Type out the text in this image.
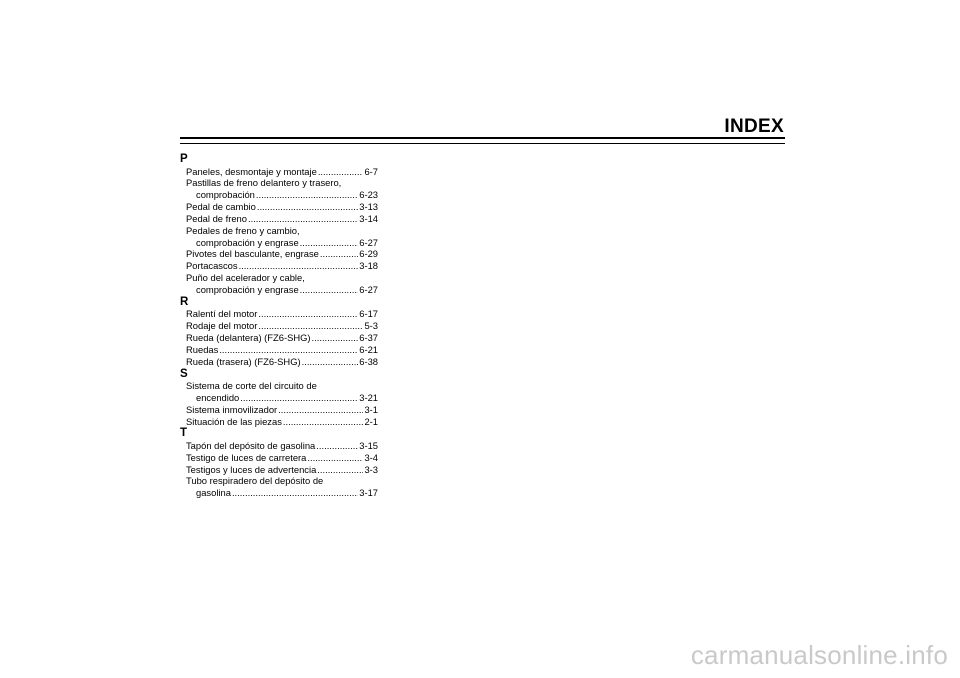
INDEX
P
Paneles, desmontaje y montaje .....	6-7
Pastillas de freno delantero y trasero,
comprobación .....	6-23
Pedal de cambio .....	3-13
Pedal de freno .....	3-14
Pedales de freno y cambio,
comprobación y engrase .....	6-27
Pivotes del basculante, engrase .....	6-29
Portacascos .....	3-18
Puño del acelerador y cable,
comprobación y engrase .....	6-27
R
Ralentí del motor .....	6-17
Rodaje del motor .....	5-3
Rueda (delantera) (FZ6-SHG) .....	6-37
Ruedas .....	6-21
Rueda (trasera) (FZ6-SHG) .....	6-38
S
Sistema de corte del circuito de
encendido .....	3-21
Sistema inmovilizador .....	3-1
Situación de las piezas .....	2-1
T
Tapón del depósito de gasolina .....	3-15
Testigo de luces de carretera .....	3-4
Testigos y luces de advertencia .....	3-3
Tubo respiradero del depósito de
gasolina .....	3-17
carmanualsonline.info
